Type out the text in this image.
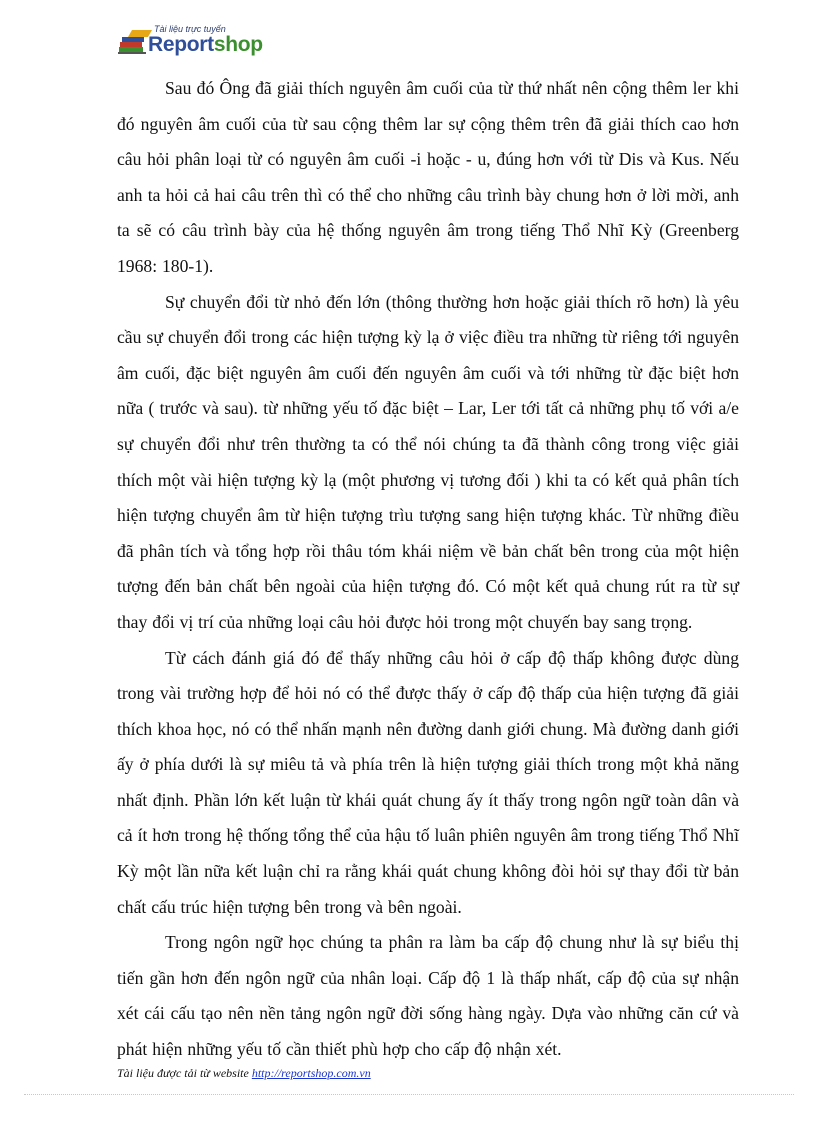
Tài liệu trực tuyến
Reportshop

Sau đó Ông đã giải thích nguyên âm cuối của từ thứ nhất nên cộng thêm ler khi đó nguyên âm cuối của từ sau cộng thêm lar sự cộng thêm trên đã giải thích cao hơn câu hỏi phân loại từ có nguyên âm cuối -i hoặc - u, đúng hơn với từ Dis và Kus. Nếu anh ta hỏi cả hai câu trên thì có thể cho những câu trình bày chung hơn ở lời mời, anh ta sẽ có câu trình bày của hệ thống nguyên âm trong tiếng Thổ Nhĩ Kỳ (Greenberg 1968: 180-1).

Sự chuyển đổi từ nhỏ đến lớn (thông thường hơn hoặc giải thích rõ hơn) là yêu cầu sự chuyển đổi trong các hiện tượng kỳ lạ ở việc điều tra những từ riêng tới nguyên âm cuối, đặc biệt nguyên âm cuối đến nguyên âm cuối và tới những từ đặc biệt hơn nữa ( trước và sau). từ những yếu tố đặc biệt – Lar, Ler tới tất cả những phụ tố với a/e sự chuyển đổi như trên thường ta có thể nói chúng ta đã thành công trong việc giải thích một vài hiện tượng kỳ lạ (một phương vị tương đối ) khi ta có kết quả phân tích hiện tượng chuyển âm từ hiện tượng trìu tượng sang hiện tượng khác. Từ những điều đã phân tích và tổng hợp rồi thâu tóm khái niệm về bản chất bên trong của một hiện tượng đến bản chất bên ngoài của hiện tượng đó. Có một kết quả chung rút ra từ sự thay đổi vị trí của những loại câu hỏi được hỏi trong một chuyến bay sang trọng.

Từ cách đánh giá đó để thấy những câu hỏi ở cấp độ thấp không được dùng trong vài trường hợp để hỏi nó có thể được thấy ở cấp độ thấp của hiện tượng đã giải thích khoa học, nó có thể nhấn mạnh nên đường danh giới chung. Mà đường danh giới ấy ở phía dưới là sự miêu tả và phía trên là hiện tượng giải thích trong một khả năng nhất định. Phần lớn kết luận từ khái quát chung ấy ít thấy trong ngôn ngữ toàn dân và cả ít hơn trong hệ thống tổng thể của hậu tố luân phiên nguyên âm trong tiếng Thổ Nhĩ Kỳ một lần nữa kết luận chỉ ra rằng khái quát chung không đòi hỏi sự thay đổi từ bản chất cấu trúc hiện tượng bên trong và bên ngoài.

Trong ngôn ngữ học chúng ta phân ra làm ba cấp độ chung như là sự biểu thị tiến gần hơn đến ngôn ngữ của nhân loại. Cấp độ 1 là thấp nhất, cấp độ của sự nhận xét cái cấu tạo nên nền tảng ngôn ngữ đời sống hàng ngày. Dựa vào những căn cứ và phát hiện những yếu tố cần thiết phù hợp cho cấp độ nhận xét.

Tài liệu được tải từ website http://reportshop.com.vn
